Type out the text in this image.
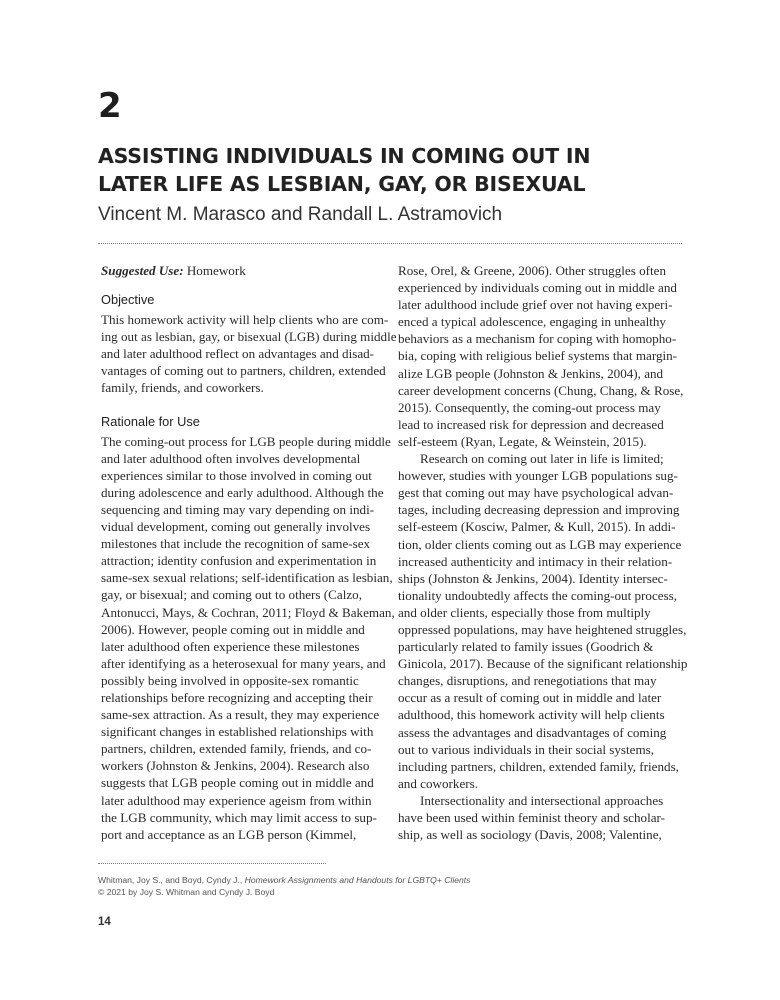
2
ASSISTING INDIVIDUALS IN COMING OUT IN
LATER LIFE AS LESBIAN, GAY, OR BISEXUAL
Vincent M. Marasco and Randall L. Astramovich

Suggested Use: Homework

Objective

This homework activity will help clients who are com-

ing out as lesbian, gay, or bisexual (LGB) during middle

and later adulthood reflect on advantages and disad-

vantages of coming out to partners, children, extended

family, friends, and coworkers.

Rationale for Use

The coming-out process for LGB people during middle

and later adulthood often involves developmental

experiences similar to those involved in coming out

during adolescence and early adulthood. Although the

sequencing and timing may vary depending on indi-

vidual development, coming out generally involves

milestones that include the recognition of same-sex

attraction; identity confusion and experimentation in

same-sex sexual relations; self-identification as lesbian,

gay, or bisexual; and coming out to others (Calzo,

Antonucci, Mays, & Cochran, 2011; Floyd & Bakeman,

2006). However, people coming out in middle and

later adulthood often experience these milestones

after identifying as a heterosexual for many years, and

possibly being involved in opposite-sex romantic

relationships before recognizing and accepting their

same-sex attraction. As a result, they may experience

significant changes in established relationships with

partners, children, extended family, friends, and co-

workers (Johnston & Jenkins, 2004). Research also

suggests that LGB people coming out in middle and

later adulthood may experience ageism from within

the LGB community, which may limit access to sup-

port and acceptance as an LGB person (Kimmel,

Rose, Orel, & Greene, 2006). Other struggles often

experienced by individuals coming out in middle and

later adulthood include grief over not having experi-

enced a typical adolescence, engaging in unhealthy

behaviors as a mechanism for coping with homopho-

bia, coping with religious belief systems that margin-

alize LGB people (Johnston & Jenkins, 2004), and

career development concerns (Chung, Chang, & Rose,

2015). Consequently, the coming-out process may

lead to increased risk for depression and decreased

self-esteem (Ryan, Legate, & Weinstein, 2015).

Research on coming out later in life is limited;

however, studies with younger LGB populations sug-

gest that coming out may have psychological advan-

tages, including decreasing depression and improving

self-esteem (Kosciw, Palmer, & Kull, 2015). In addi-

tion, older clients coming out as LGB may experience

increased authenticity and intimacy in their relation-

ships (Johnston & Jenkins, 2004). Identity intersec-

tionality undoubtedly affects the coming-out process,

and older clients, especially those from multiply

oppressed populations, may have heightened struggles,

particularly related to family issues (Goodrich &

Ginicola, 2017). Because of the significant relationship

changes, disruptions, and renegotiations that may

occur as a result of coming out in middle and later

adulthood, this homework activity will help clients

assess the advantages and disadvantages of coming

out to various individuals in their social systems,

including partners, children, extended family, friends,

and coworkers.

Intersectionality and intersectional approaches

have been used within feminist theory and scholar-

ship, as well as sociology (Davis, 2008; Valentine,

Whitman, Joy S., and Boyd, Cyndy J., Homework Assignments and Handouts for LGBTQ+ Clients
© 2021 by Joy S. Whitman and Cyndy J. Boyd
14
